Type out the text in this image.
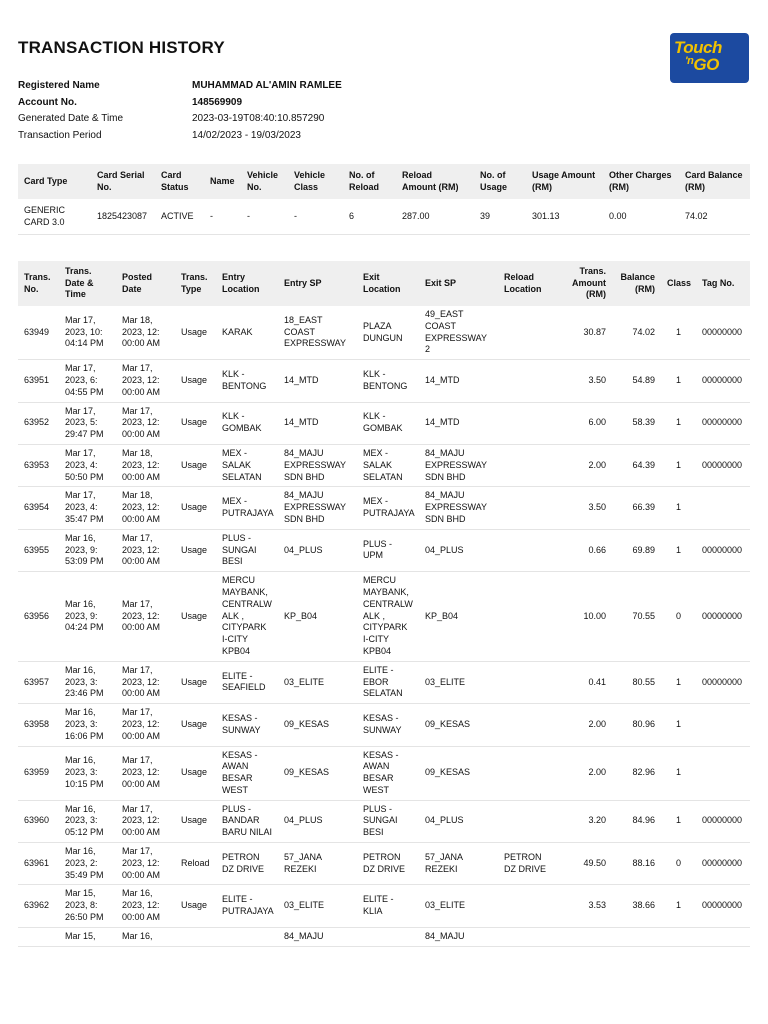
TRANSACTION HISTORY	Touch
$^{'n}$GO
Registered Name	MUHAMMAD AL'AMIN RAMLEE
Account No.	148569909
Generated Date & Time	2023-03-19T08:40:10.857290
Transaction Period	14/02/2023 - 19/03/2023
Card Type	Card Serial No.	Card Status	Name	Vehicle No.	Vehicle Class	No. of Reload	Reload Amount (RM)	No. of Usage	Usage Amount (RM)	Other Charges (RM)	Card Balance (RM)
GENERIC CARD 3.0	1825423087	ACTIVE	-	-	-	6	287.00	39	301.13	0.00	74.02
Trans. No.	Trans. Date & Time	Posted Date	Trans. Type	Entry Location	Entry SP	Exit Location	Exit SP	Reload Location	Trans. Amount (RM)	Balance (RM)	Class	Tag No.
63949	Mar 17, 2023, 10: 04:14 PM	Mar 18, 2023, 12: 00:00 AM	Usage	KARAK	18_EAST COAST EXPRESSWAY	PLAZA DUNGUN	49_EAST COAST EXPRESSWAY 2		30.87	74.02	1	00000000
63951	Mar 17, 2023, 6: 04:55 PM	Mar 17, 2023, 12: 00:00 AM	Usage	KLK - BENTONG	14_MTD	KLK - BENTONG	14_MTD		3.50	54.89	1	00000000
63952	Mar 17, 2023, 5: 29:47 PM	Mar 17, 2023, 12: 00:00 AM	Usage	KLK - GOMBAK	14_MTD	KLK - GOMBAK	14_MTD		6.00	58.39	1	00000000
63953	Mar 17, 2023, 4: 50:50 PM	Mar 18, 2023, 12: 00:00 AM	Usage	MEX - SALAK SELATAN	84_MAJU EXPRESSWAY SDN BHD	MEX - SALAK SELATAN	84_MAJU EXPRESSWAY SDN BHD		2.00	64.39	1	00000000
63954	Mar 17, 2023, 4: 35:47 PM	Mar 18, 2023, 12: 00:00 AM	Usage	MEX - PUTRAJAYA	84_MAJU EXPRESSWAY SDN BHD	MEX - PUTRAJAYA	84_MAJU EXPRESSWAY SDN BHD		3.50	66.39	1	
63955	Mar 16, 2023, 9: 53:09 PM	Mar 17, 2023, 12: 00:00 AM	Usage	PLUS - SUNGAI BESI	04_PLUS	PLUS - UPM	04_PLUS		0.66	69.89	1	00000000
63956	Mar 16, 2023, 9: 04:24 PM	Mar 17, 2023, 12: 00:00 AM	Usage	MERCU MAYBANK, CENTRALW ALK , CITYPARK I-CITY KPB04	KP_B04	MERCU MAYBANK, CENTRALW ALK , CITYPARK I-CITY KPB04	KP_B04		10.00	70.55	0	00000000
63957	Mar 16, 2023, 3: 23:46 PM	Mar 17, 2023, 12: 00:00 AM	Usage	ELITE - SEAFIELD	03_ELITE	ELITE - EBOR SELATAN	03_ELITE		0.41	80.55	1	00000000
63958	Mar 16, 2023, 3: 16:06 PM	Mar 17, 2023, 12: 00:00 AM	Usage	KESAS - SUNWAY	09_KESAS	KESAS - SUNWAY	09_KESAS		2.00	80.96	1	
63959	Mar 16, 2023, 3: 10:15 PM	Mar 17, 2023, 12: 00:00 AM	Usage	KESAS - AWAN BESAR WEST	09_KESAS	KESAS - AWAN BESAR WEST	09_KESAS		2.00	82.96	1	
63960	Mar 16, 2023, 3: 05:12 PM	Mar 17, 2023, 12: 00:00 AM	Usage	PLUS - BANDAR BARU NILAI	04_PLUS	PLUS - SUNGAI BESI	04_PLUS		3.20	84.96	1	00000000
63961	Mar 16, 2023, 2: 35:49 PM	Mar 17, 2023, 12: 00:00 AM	Reload	PETRON DZ DRIVE	57_JANA REZEKI	PETRON DZ DRIVE	57_JANA REZEKI	PETRON DZ DRIVE	49.50	88.16	0	00000000
63962	Mar 15, 2023, 8: 26:50 PM	Mar 16, 2023, 12: 00:00 AM	Usage	ELITE - PUTRAJAYA	03_ELITE	ELITE - KLIA	03_ELITE		3.53	38.66	1	00000000
	Mar 15,	Mar 16,			84_MAJU		84_MAJU					
